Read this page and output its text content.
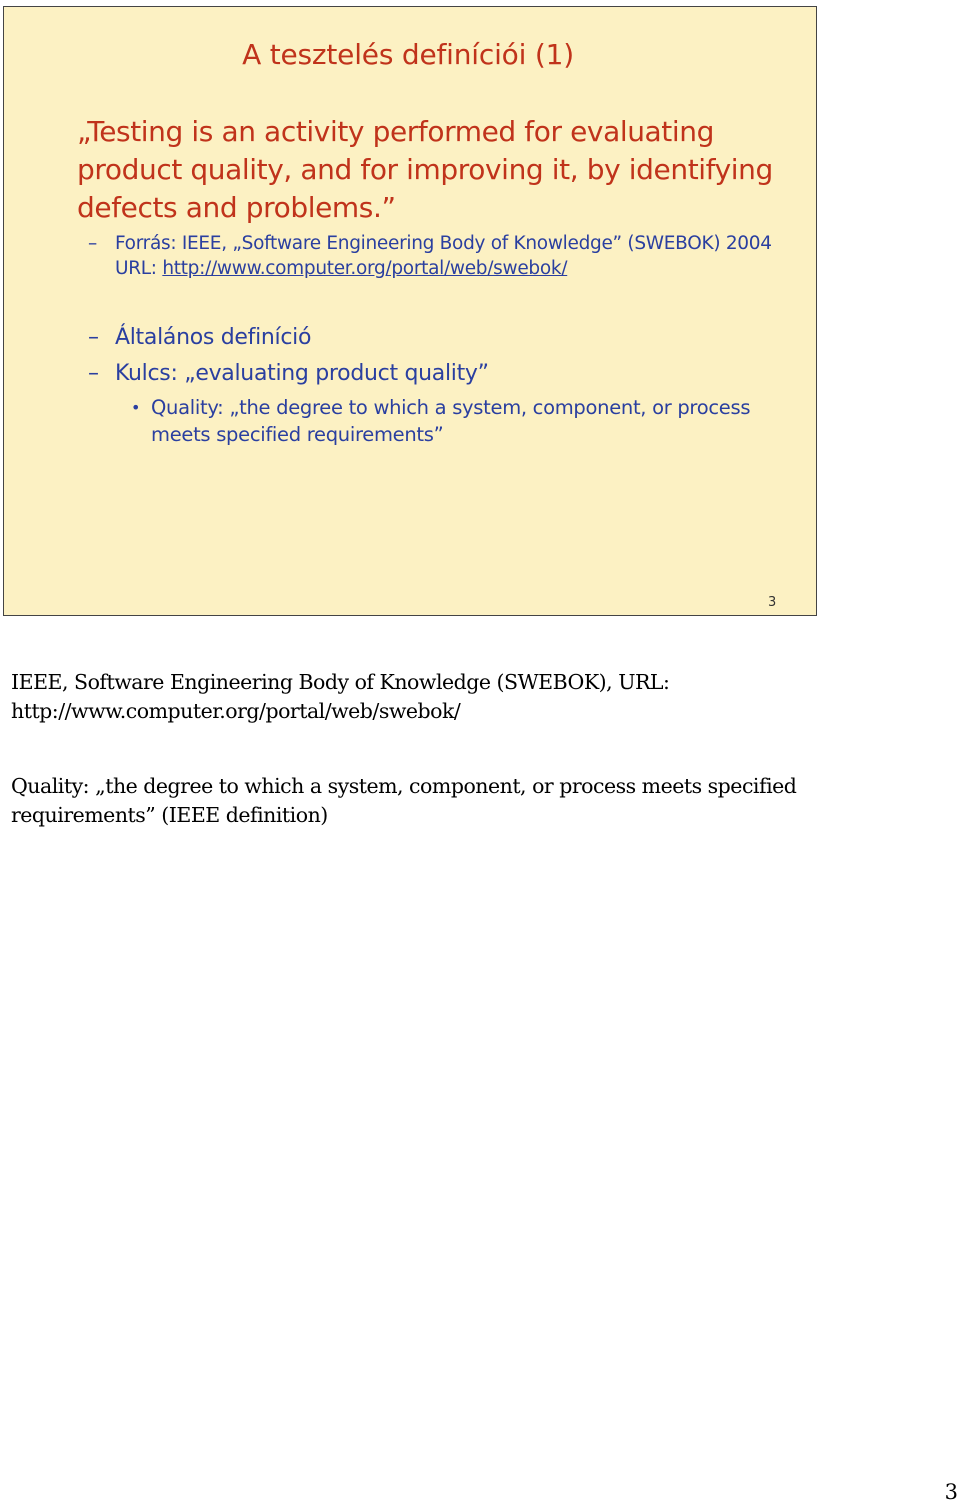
A tesztelés definíciói (1)
„Testing is an activity performed for evaluating
product quality, and for improving it, by identifying
defects and problems.”
– Forrás: IEEE, „Software Engineering Body of Knowledge” (SWEBOK) 2004
URL: http://www.computer.org/portal/web/swebok/
– Általános definíció
– Kulcs: „evaluating product quality”
• Quality: „the degree to which a system, component, or process
meets specified requirements”
3
IEEE, Software Engineering Body of Knowledge (SWEBOK), URL:
http://www.computer.org/portal/web/swebok/
Quality: „the degree to which a system, component, or process meets specified
requirements” (IEEE definition)
3
